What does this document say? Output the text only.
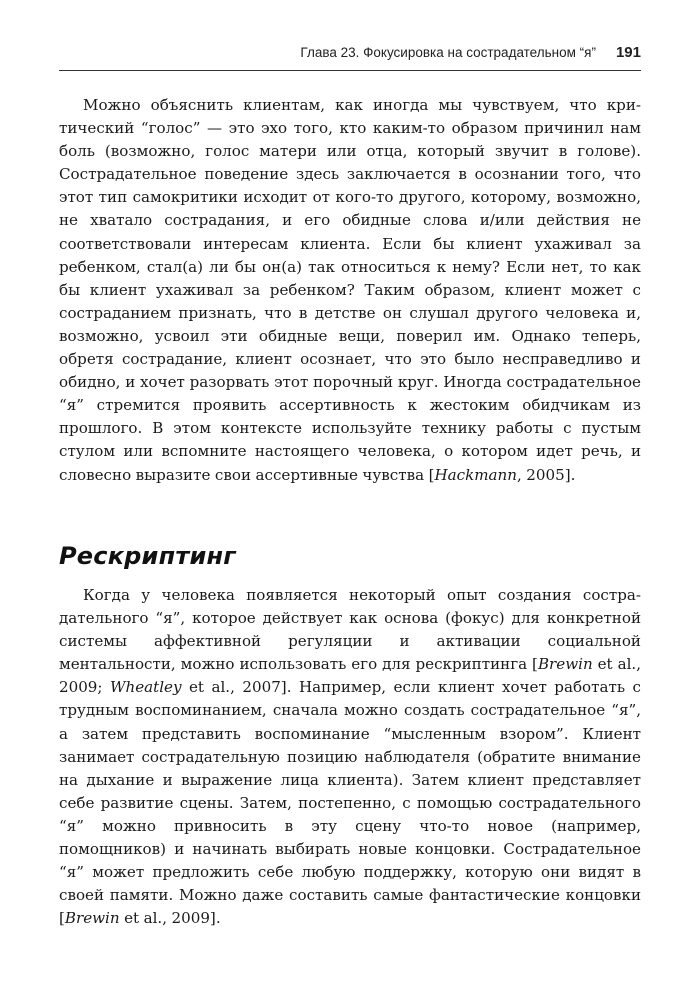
Глава 23. Фокусировка на сострадательном “я” 191

Можно объяснить клиентам, как иногда мы чувствуем, что критический “голос” — это эхо того, кто каким-то образом причинил нам боль (возможно, голос матери или отца, который звучит в голове). Сострадательное поведение здесь заключается в осознании того, что этот тип самокритики исходит от кого-то другого, которому, возможно, не хватало сострадания, и его обидные слова и/или действия не соответствовали интересам клиента. Если бы клиент ухаживал за ребенком, стал(а) ли бы он(а) так относиться к нему? Если нет, то как бы клиент ухаживал за ребенком? Таким образом, клиент может с состраданием признать, что в детстве он слушал другого человека и, возможно, усвоил эти обидные вещи, поверил им. Однако теперь, обретя сострадание, клиент осознает, что это было несправедливо и обидно, и хочет разорвать этот порочный круг. Иногда сострадательное “я” стремится проявить ассертивность к жестоким обидчикам из прошлого. В этом контексте используйте технику работы с пустым стулом или вспомните настоящего человека, о котором идет речь, и словесно выразите свои ассертивные чувства [Hackmann, 2005].

Рескриптинг

Когда у человека появляется некоторый опыт создания сострадательного “я”, которое действует как основа (фокус) для конкретной системы аффективной регуляции и активации социальной ментальности, можно использовать его для рескриптинга [Brewin et al., 2009; Wheatley et al., 2007]. Например, если клиент хочет работать с трудным воспоминанием, сначала можно создать сострадательное “я”, а затем представить воспоминание “мысленным взором”. Клиент занимает сострадательную позицию наблюдателя (обратите внимание на дыхание и выражение лица клиента). Затем клиент представляет себе развитие сцены. Затем, постепенно, с помощью сострадательного “я” можно привносить в эту сцену что-то новое (например, помощников) и начинать выбирать новые концовки. Сострадательное “я” может предложить себе любую поддержку, которую они видят в своей памяти. Можно даже составить самые фантастические концовки [Brewin et al., 2009].
